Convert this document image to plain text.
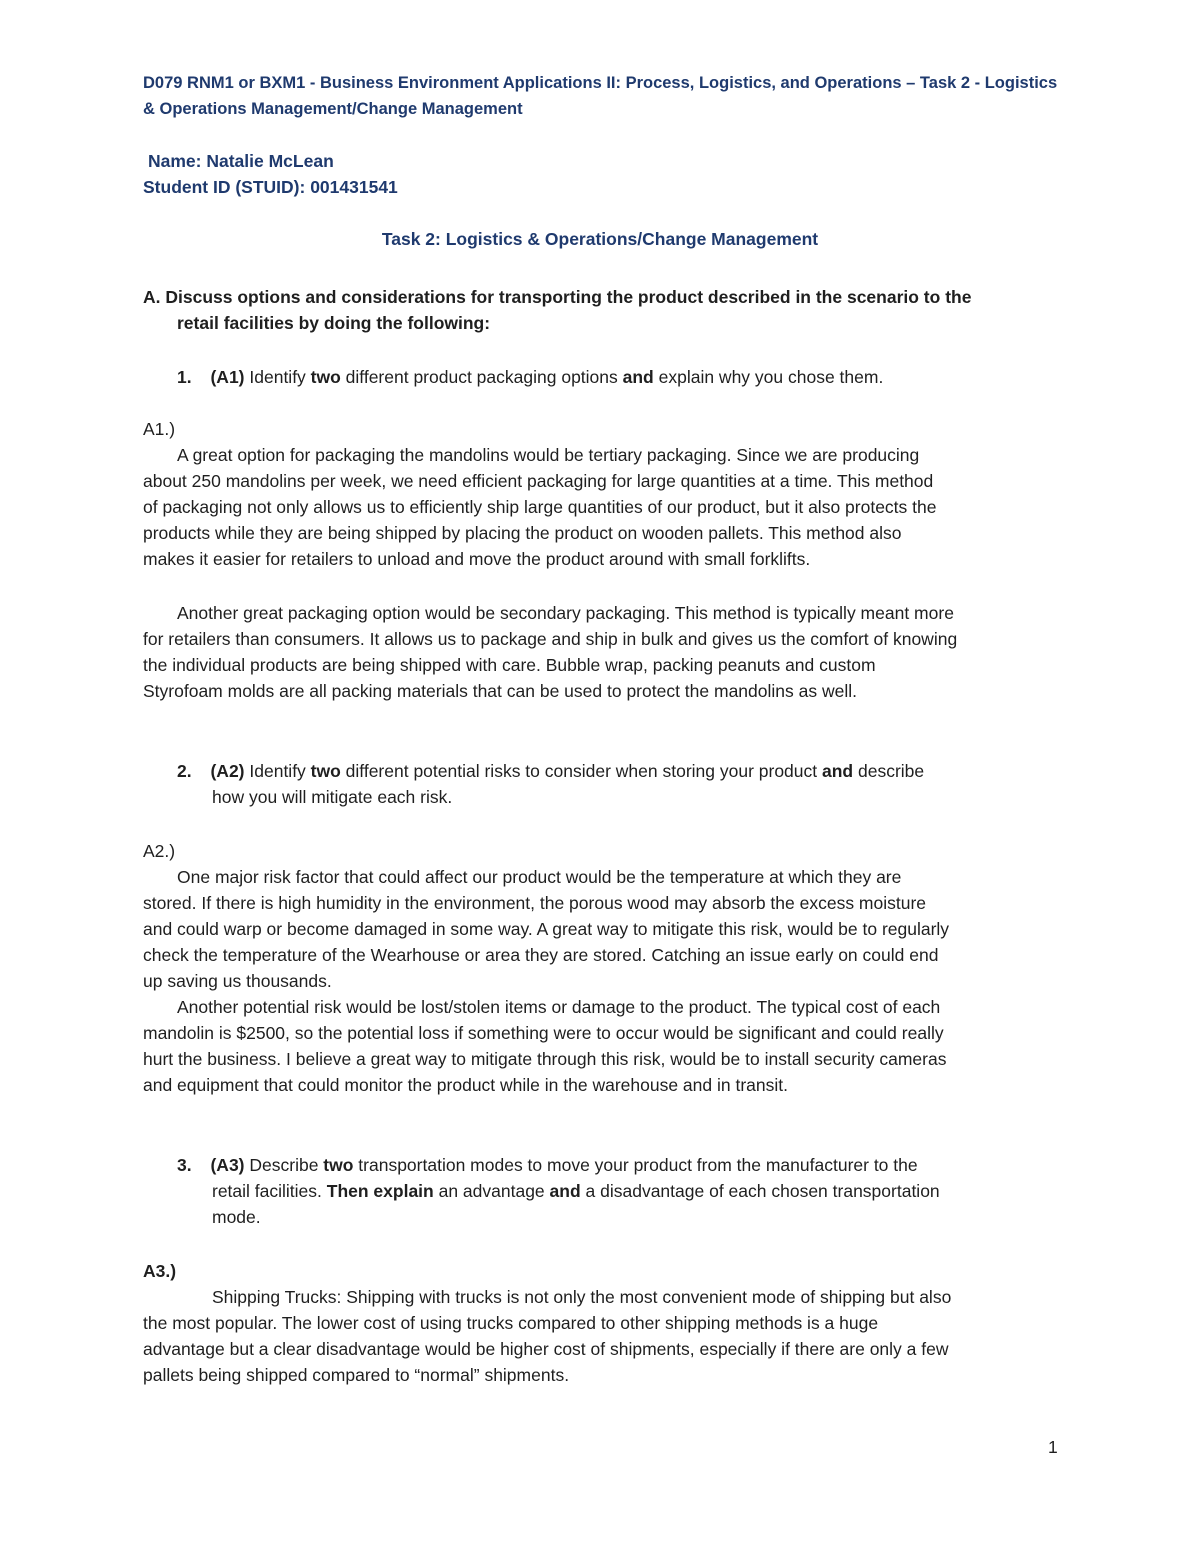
D079 RNM1 or BXM1 - Business Environment Applications II: Process, Logistics, and Operations – Task 2 - Logistics
& Operations Management/Change Management
Name: Natalie McLean
Student ID (STUID): 001431541
Task 2: Logistics & Operations/Change Management
A. Discuss options and considerations for transporting the product described in the scenario to the
retail facilities by doing the following:
1. (A1) Identify two different product packaging options and explain why you chose them.
A1.)
A great option for packaging the mandolins would be tertiary packaging. Since we are producing
about 250 mandolins per week, we need efficient packaging for large quantities at a time. This method
of packaging not only allows us to efficiently ship large quantities of our product, but it also protects the
products while they are being shipped by placing the product on wooden pallets. This method also
makes it easier for retailers to unload and move the product around with small forklifts.
Another great packaging option would be secondary packaging. This method is typically meant more
for retailers than consumers. It allows us to package and ship in bulk and gives us the comfort of knowing
the individual products are being shipped with care. Bubble wrap, packing peanuts and custom
Styrofoam molds are all packing materials that can be used to protect the mandolins as well.
2. (A2) Identify two different potential risks to consider when storing your product and describe
how you will mitigate each risk.
A2.)
One major risk factor that could affect our product would be the temperature at which they are
stored. If there is high humidity in the environment, the porous wood may absorb the excess moisture
and could warp or become damaged in some way. A great way to mitigate this risk, would be to regularly
check the temperature of the Wearhouse or area they are stored. Catching an issue early on could end
up saving us thousands.
Another potential risk would be lost/stolen items or damage to the product. The typical cost of each
mandolin is $2500, so the potential loss if something were to occur would be significant and could really
hurt the business. I believe a great way to mitigate through this risk, would be to install security cameras
and equipment that could monitor the product while in the warehouse and in transit.
3. (A3) Describe two transportation modes to move your product from the manufacturer to the
retail facilities. Then explain an advantage and a disadvantage of each chosen transportation
mode.
A3.)
Shipping Trucks: Shipping with trucks is not only the most convenient mode of shipping but also
the most popular. The lower cost of using trucks compared to other shipping methods is a huge
advantage but a clear disadvantage would be higher cost of shipments, especially if there are only a few
pallets being shipped compared to “normal” shipments.
1
